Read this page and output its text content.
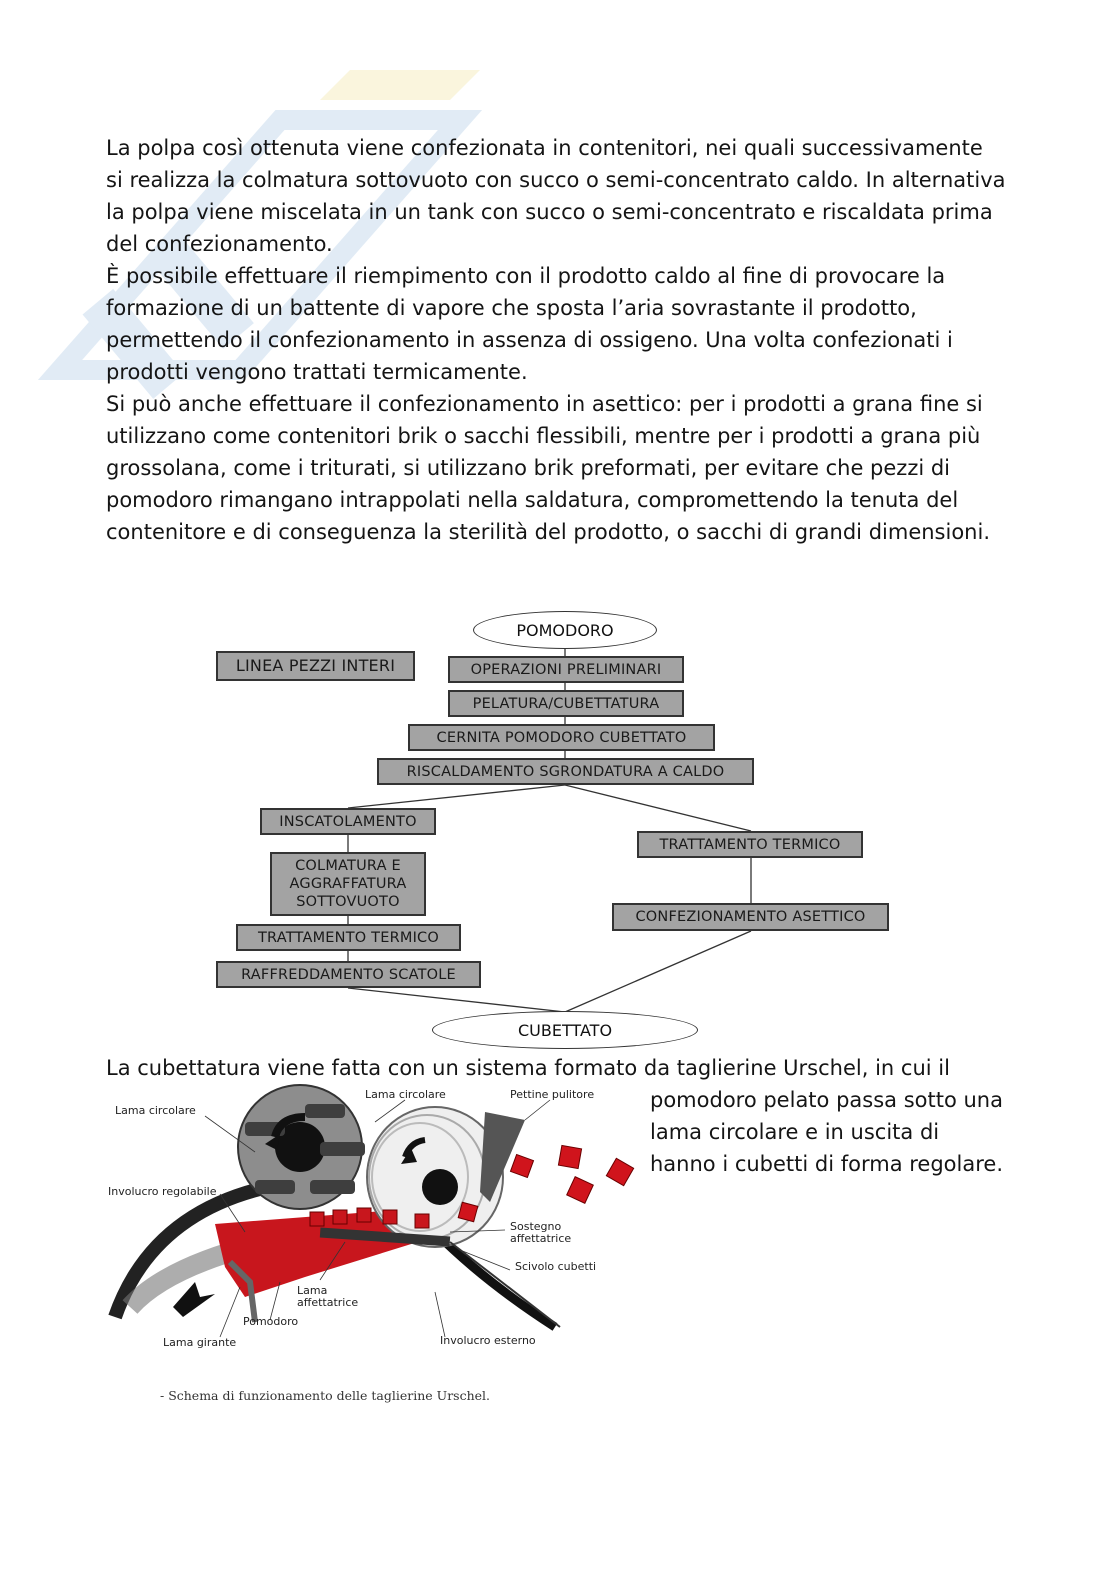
La polpa così ottenuta viene confezionata in contenitori, nei quali successivamente si realizza la colmatura sottovuoto con succo o semi-concentrato caldo. In alternativa la polpa viene miscelata in un tank con succo o semi-concentrato e riscaldata prima del confezionamento.

È possibile effettuare il riempimento con il prodotto caldo al fine di provocare la formazione di un battente di vapore che sposta l’aria sovrastante il prodotto, permettendo il confezionamento in assenza di ossigeno. Una volta confezionati i prodotti vengono trattati termicamente.

Si può anche effettuare il confezionamento in asettico: per i prodotti a grana fine si utilizzano come contenitori brik o sacchi flessibili, mentre per i prodotti a grana più grossolana, come i triturati, si utilizzano brik preformati, per evitare che pezzi di pomodoro rimangano intrappolati nella saldatura, compromettendo la tenuta del contenitore e di conseguenza la sterilità del prodotto, o sacchi di grandi dimensioni.

POMODORO
LINEA PEZZI INTERI	OPERAZIONI PRELIMINARI
PELATURA/CUBETTATURA
CERNITA POMODORO CUBETTATO
RISCALDAMENTO SGRONDATURA A CALDO
INSCATOLAMENTO
COLMATURA E AGGRAFFATURA SOTTOVUOTO
TRATTAMENTO TERMICO
RAFFREDDAMENTO SCATOLE
TRATTAMENTO TERMICO
CONFEZIONAMENTO ASETTICO
CUBETTATO

La cubettatura viene fatta con un sistema formato da taglierine Urschel, in cui il

pomodoro pelato passa sotto una lama circolare e in uscita di hanno i cubetti di forma regolare.

Lama circolare
Lama circolare	Pettine pulitore
Involucro regolabile
Sostegno affettatrice
Scivolo cubetti
Lama affettatrice
Pomodoro
Lama girante	Involucro esterno
- Schema di funzionamento delle taglierine Urschel.
